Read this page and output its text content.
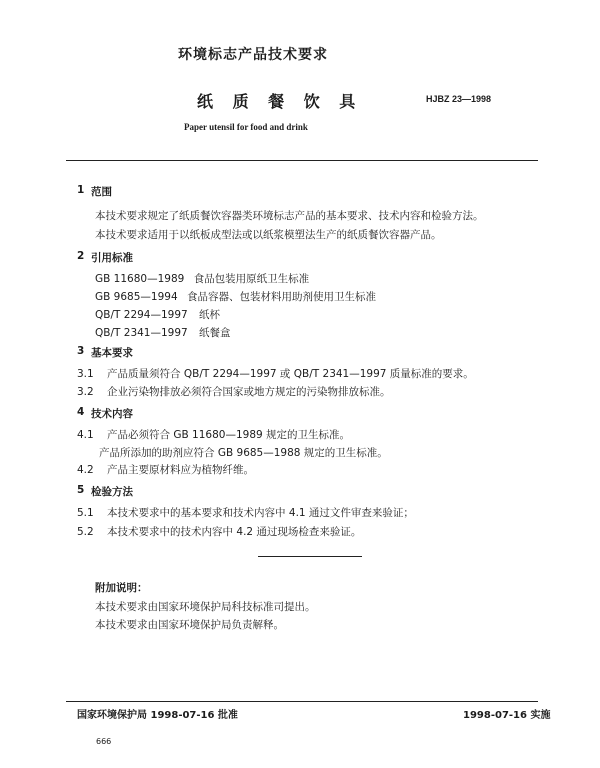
环境标志产品技术要求
纸 质 餐 饮 具	HJBZ 23—1998
Paper utensil for food and drink
1 范围
本技术要求规定了纸质餐饮容器类环境标志产品的基本要求、技术内容和检验方法。
本技术要求适用于以纸板成型法或以纸浆模塑法生产的纸质餐饮容器产品。
2 引用标准
GB 11680—1989 食品包装用原纸卫生标准
GB 9685—1994 食品容器、包装材料用助剂使用卫生标准
QB/T 2294—1997 纸杯
QB/T 2341—1997 纸餐盒
3 基本要求
3.1 产品质量须符合 QB/T 2294—1997 或 QB/T 2341—1997 质量标准的要求。
3.2 企业污染物排放必须符合国家或地方规定的污染物排放标准。
4 技术内容
4.1 产品必须符合 GB 11680—1989 规定的卫生标准。
产品所添加的助剂应符合 GB 9685—1988 规定的卫生标准。
4.2 产品主要原材料应为植物纤维。
5 检验方法
5.1 本技术要求中的基本要求和技术内容中 4.1 通过文件审查来验证；
5.2 本技术要求中的技术内容中 4.2 通过现场检查来验证。
附加说明：
本技术要求由国家环境保护局科技标准司提出。
本技术要求由国家环境保护局负责解释。
国家环境保护局 1998-07-16 批准	1998-07-16 实施
666
